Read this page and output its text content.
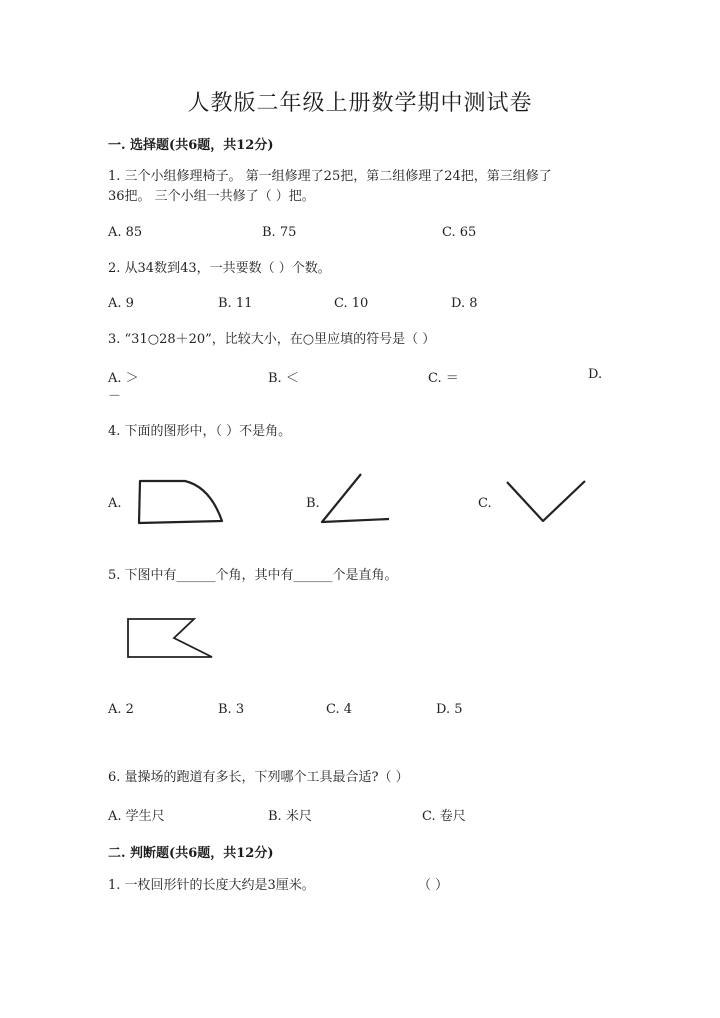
人教版二年级上册数学期中测试卷
一. 选择题(共6题，共12分)
1. 三个小组修理椅子。 第一组修理了25把，第二组修理了24把，第三组修了
36把。 三个小组一共修了（ ）把。
A. 85	B. 75	C. 65
2. 从34数到43，一共要数（ ）个数。
A. 9	B. 11	C. 10	D. 8
3. “31○28＋20”，比较大小，在○里应填的符号是（ ）
A. ＞	B. ＜	C. ＝	D.
－
4. 下面的图形中，（ ）不是角。
A.	B.	C.
5. 下图中有______个角，其中有______个是直角。
A. 2	B. 3	C. 4	D. 5
6. 量操场的跑道有多长，下列哪个工具最合适?（ ）
A. 学生尺	B. 米尺	C. 卷尺
二. 判断题(共6题，共12分)
1. 一枚回形针的长度大约是3厘米。	（ ）
